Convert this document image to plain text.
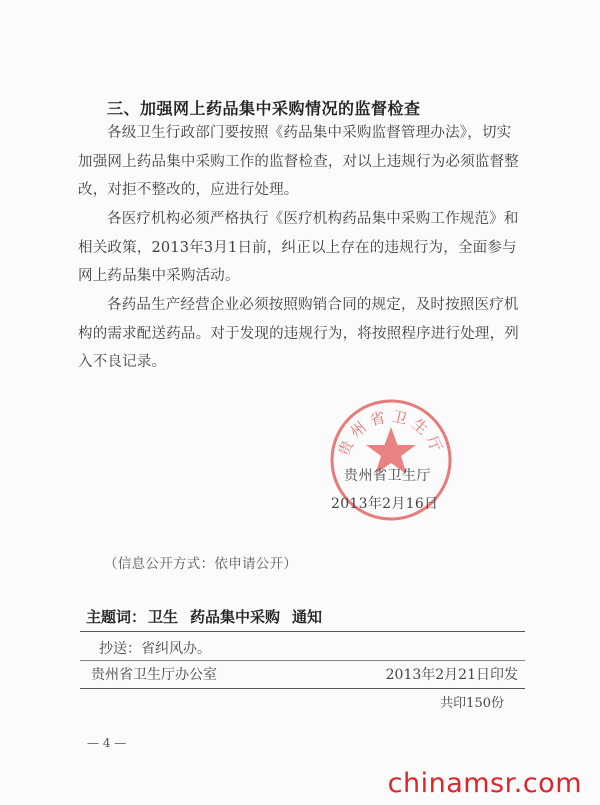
三、加强网上药品集中采购情况的监督检查

各级卫生行政部门要按照《药品集中采购监督管理办法》，切实加强网上药品集中采购工作的监督检查，对以上违规行为必须监督整改，对拒不整改的，应进行处理。

各医疗机构必须严格执行《医疗机构药品集中采购工作规范》和相关政策，2013年3月1日前，纠正以上存在的违规行为，全面参与网上药品集中采购活动。

各药品生产经营企业必须按照购销合同的规定，及时按照医疗机构的需求配送药品。对于发现的违规行为，将按照程序进行处理，列入不良记录。

贵州省卫生厅
贵州省卫生厅
2013年2月16日
（信息公开方式：依申请公开）
主题词： 卫生 药品集中采购 通知
抄送：省纠风办。
贵州省卫生厅办公室	2013年2月21日印发
共印150份
— 4 —
chinamsr.com
